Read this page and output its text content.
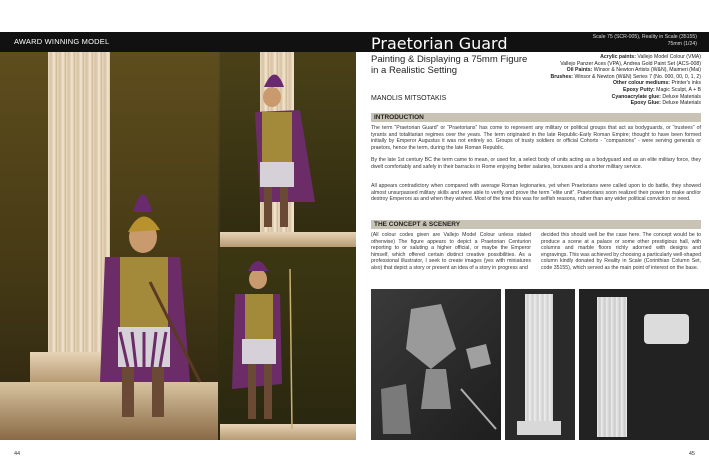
AWARD WINNING MODEL	Praetorian Guard	Scale 75 (SCR-005), Reality in Scale (35155)
75mm (1/24)
Painting & Displaying a 75mm Figure
in a Realistic Setting
MANOLIS MITSOTAKIS
Acrylic paints: Vallejo Model Colour (VMA)
Vallejo Panzer Aces (VPA), Andrea Gold Paint Set (ACS-008)
Oil Paints: Winsor & Newton Artists (W&N), Maimeri (Mai)
Brushes: Winsor & Newton (W&N) Series 7 (No. 000, 00, 0, 1, 2)
Other colour mediums: Printer's inks
Epoxy Putty: Magic Sculpt, A + B
Cyanoacrylate glue: Deluxe Materials
Epoxy Glue: Deluxe Materials
INTRODUCTION
The term “Praetorian Guard” or “Praetorians” has come to represent any military or political groups that act as bodyguards, or “trustees” of tyrants and totalitarian regimes over the years. The term originated in the late Republic-Early Roman Empire; thought to have been formed initially by Emperor Augustus it was not entirely so. Groups of trusty soldiers or official Cohorts - “companions” - were serving generals or praetors, hence the term, during the late Roman Republic.
By the late 1st century BC the term came to mean, or used for, a select body of units acting as a bodyguard and as an elite military force, they dwelt comfortably and safely in their barracks in Rome enjoying better salaries, bonuses and a shorter military service.
All appears contradictory when compared with average Roman legionaries, yet when Praetorians were called upon to do battle, they showed almost unsurpassed military skills and were able to verify and prove the term “elite unit”. Praetorians soon realized their power to make and/or destroy Emperors as and when they wished. Most of the time this was for selfish reasons, rather than any wider political conviction or need.
THE CONCEPT & SCENERY
(All colour codes given are Vallejo Model Colour unless stated otherwise) The figure appears to depict a Praetorian Centurion reporting to or saluting a higher official, or maybe the Emperor himself, which offered certain distinct creative possibilities. As a professional illustrator, I seek to create images (yes with miniatures also) that depict a story or present an idea of a story in progress and
decided this should well be the case here. The concept would be to produce a scene at a palace or some other prestigious hall, with columns and marble floors richly adorned with designs and engravings. This was achieved by choosing a particularly well-shaped column kindly donated by Reality in Scale (Corinthian Column Set, code 35155), which served as the main point of interest on the base.
44	45
